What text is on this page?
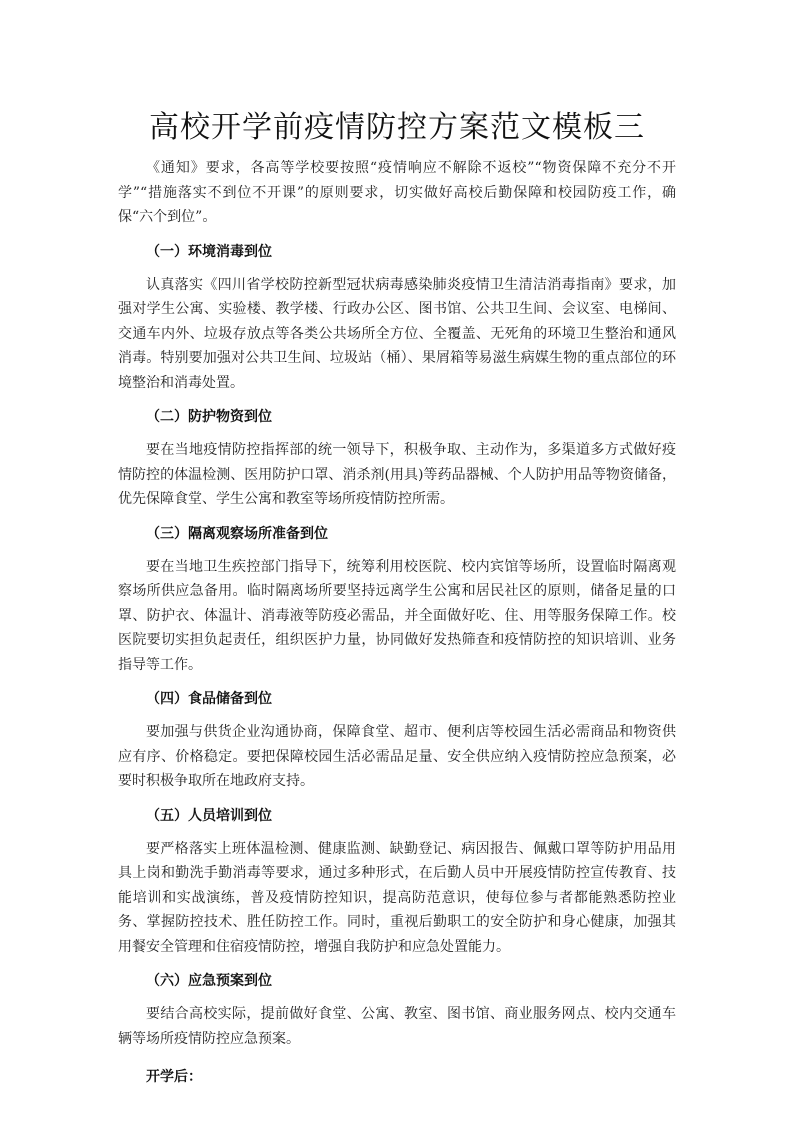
高校开学前疫情防控方案范文模板三

《通知》要求，各高等学校要按照“疫情响应不解除不返校”“物资保障不充分不开学”“措施落实不到位不开课”的原则要求，切实做好高校后勤保障和校园防疫工作，确保“六个到位”。

（一）环境消毒到位

认真落实《四川省学校防控新型冠状病毒感染肺炎疫情卫生清洁消毒指南》要求，加强对学生公寓、实验楼、教学楼、行政办公区、图书馆、公共卫生间、会议室、电梯间、交通车内外、垃圾存放点等各类公共场所全方位、全覆盖、无死角的环境卫生整治和通风消毒。特别要加强对公共卫生间、垃圾站（桶）、果屑箱等易滋生病媒生物的重点部位的环境整治和消毒处置。

（二）防护物资到位

要在当地疫情防控指挥部的统一领导下，积极争取、主动作为，多渠道多方式做好疫情防控的体温检测、医用防护口罩、消杀剂(用具)等药品器械、个人防护用品等物资储备，优先保障食堂、学生公寓和教室等场所疫情防控所需。

（三）隔离观察场所准备到位

要在当地卫生疾控部门指导下，统筹利用校医院、校内宾馆等场所，设置临时隔离观察场所供应急备用。临时隔离场所要坚持远离学生公寓和居民社区的原则，储备足量的口罩、防护衣、体温计、消毒液等防疫必需品，并全面做好吃、住、用等服务保障工作。校医院要切实担负起责任，组织医护力量，协同做好发热筛查和疫情防控的知识培训、业务指导等工作。

（四）食品储备到位

要加强与供货企业沟通协商，保障食堂、超市、便利店等校园生活必需商品和物资供应有序、价格稳定。要把保障校园生活必需品足量、安全供应纳入疫情防控应急预案，必要时积极争取所在地政府支持。

（五）人员培训到位

要严格落实上班体温检测、健康监测、缺勤登记、病因报告、佩戴口罩等防护用品用具上岗和勤洗手勤消毒等要求，通过多种形式，在后勤人员中开展疫情防控宣传教育、技能培训和实战演练，普及疫情防控知识，提高防范意识，使每位参与者都能熟悉防控业务、掌握防控技术、胜任防控工作。同时，重视后勤职工的安全防护和身心健康，加强其用餐安全管理和住宿疫情防控，增强自我防护和应急处置能力。

（六）应急预案到位

要结合高校实际，提前做好食堂、公寓、教室、图书馆、商业服务网点、校内交通车辆等场所疫情防控应急预案。

开学后：
